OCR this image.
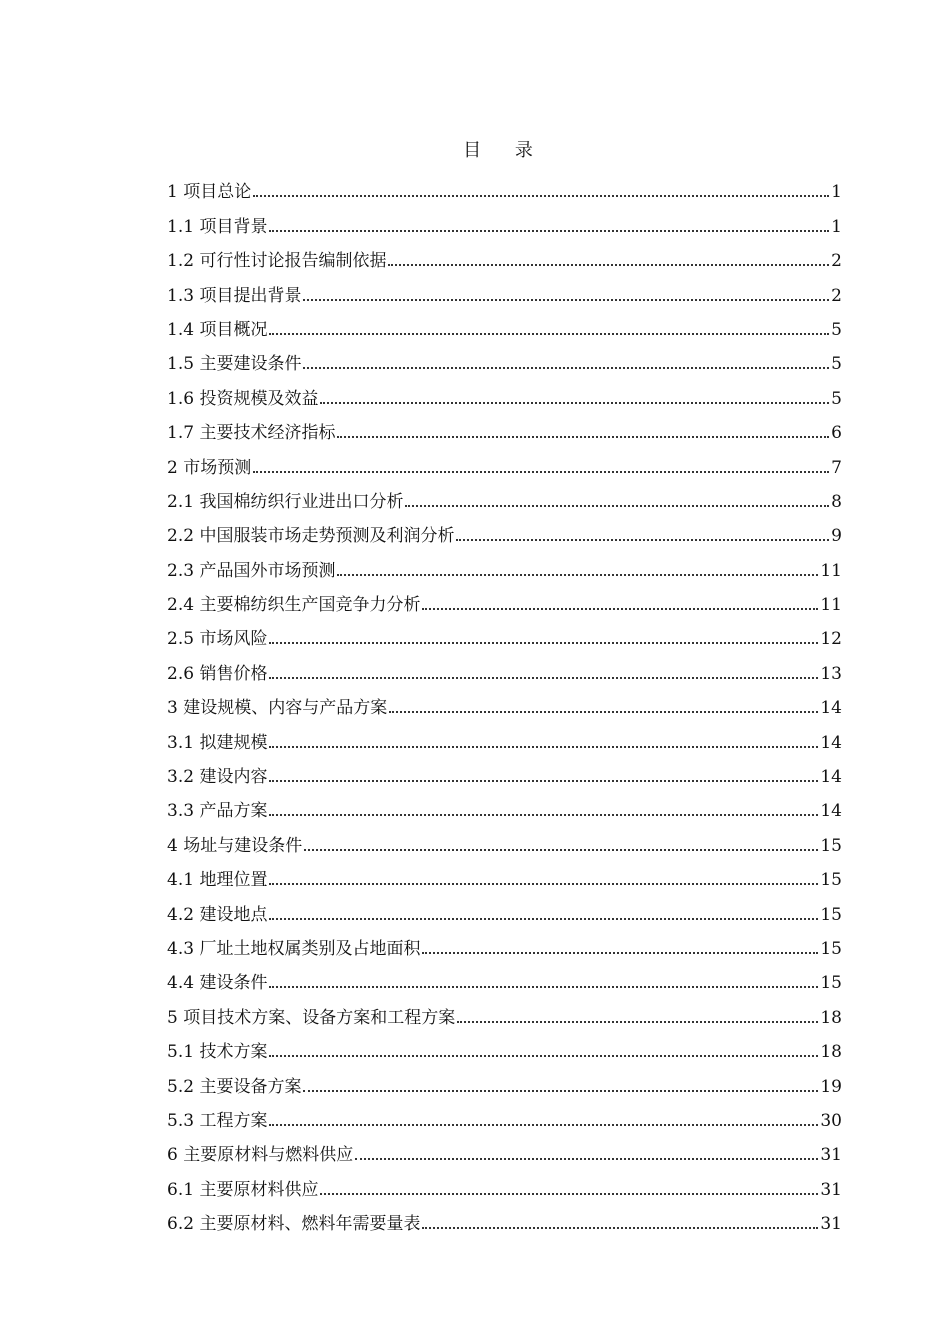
目 录
1 项目总论	1
1.1 项目背景	1
1.2 可行性讨论报告编制依据	2
1.3 项目提出背景	2
1.4 项目概况	5
1.5 主要建设条件	5
1.6 投资规模及效益	5
1.7 主要技术经济指标	6
2 市场预测	7
2.1 我国棉纺织行业进出口分析	8
2.2 中国服装市场走势预测及利润分析	9
2.3 产品国外市场预测	11
2.4 主要棉纺织生产国竞争力分析	11
2.5 市场风险	12
2.6 销售价格	13
3 建设规模、内容与产品方案	14
3.1 拟建规模	14
3.2 建设内容	14
3.3 产品方案	14
4 场址与建设条件	15
4.1 地理位置	15
4.2 建设地点	15
4.3 厂址土地权属类别及占地面积	15
4.4 建设条件	15
5 项目技术方案、设备方案和工程方案	18
5.1 技术方案	18
5.2 主要设备方案	19
5.3 工程方案	30
6 主要原材料与燃料供应	31
6.1 主要原材料供应	31
6.2 主要原材料、燃料年需要量表	31
